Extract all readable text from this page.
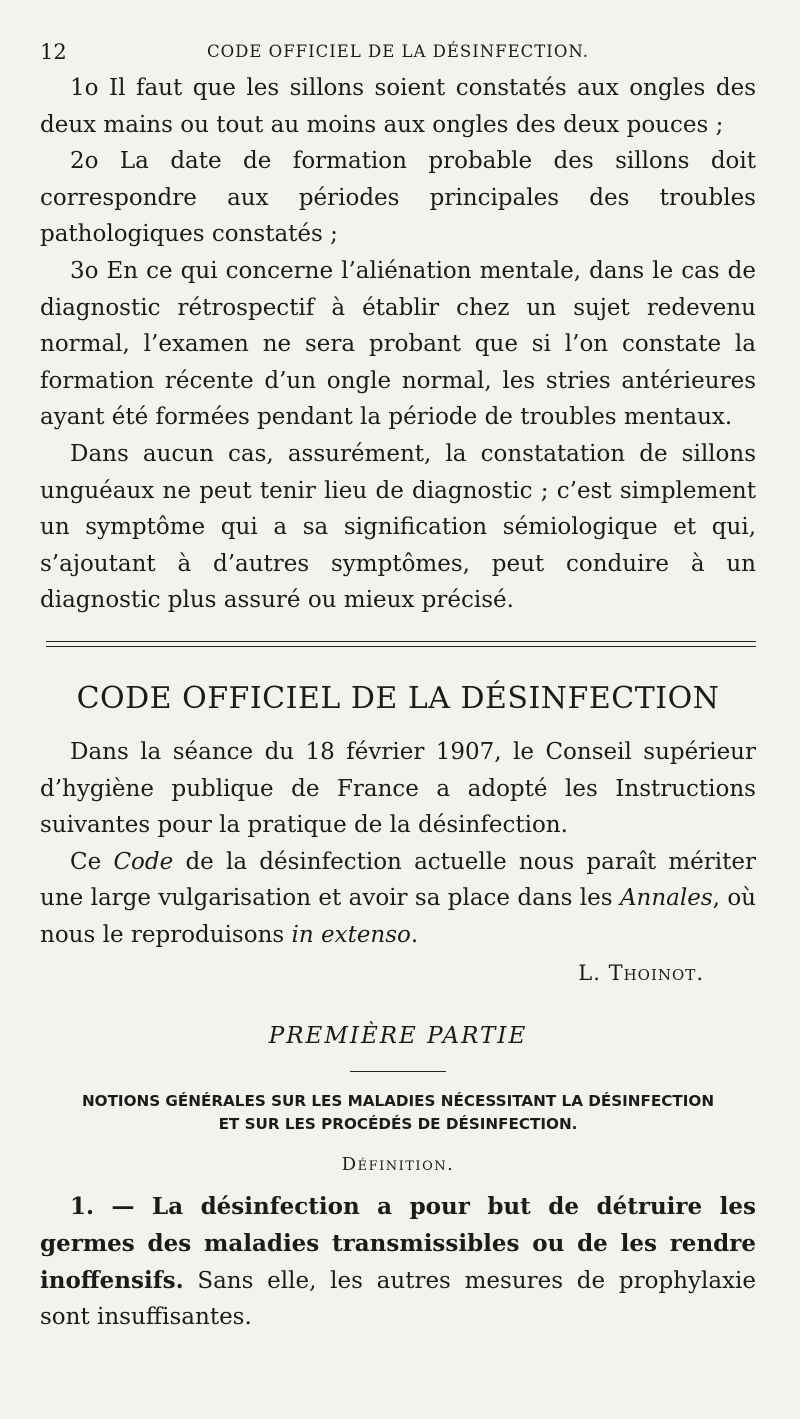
12	CODE OFFICIEL DE LA DÉSINFECTION.

1o Il faut que les sillons soient constatés aux ongles des deux mains ou tout au moins aux ongles des deux pouces ;

2o La date de formation probable des sillons doit correspondre aux périodes principales des troubles pathologiques constatés ;

3o En ce qui concerne l’aliénation mentale, dans le cas de diagnostic rétrospectif à établir chez un sujet redevenu normal, l’examen ne sera probant que si l’on constate la formation récente d’un ongle normal, les stries antérieures ayant été formées pendant la période de troubles mentaux.

Dans aucun cas, assurément, la constatation de sillons unguéaux ne peut tenir lieu de diagnostic ; c’est simplement un symptôme qui a sa signification sémiologique et qui, s’ajoutant à d’autres symptômes, peut conduire à un diagnostic plus assuré ou mieux précisé.

CODE OFFICIEL DE LA DÉSINFECTION

Dans la séance du 18 février 1907, le Conseil supérieur d’hygiène publique de France a adopté les Instructions suivantes pour la pratique de la désinfection.

Ce Code de la désinfection actuelle nous paraît mériter une large vulgarisation et avoir sa place dans les Annales, où nous le reproduisons in extenso.

L. Thoinot.
PREMIÈRE PARTIE
NOTIONS GÉNÉRALES SUR LES MALADIES NÉCESSITANT LA DÉSINFECTION
ET SUR LES PROCÉDÉS DE DÉSINFECTION.
Définition.

1. — La désinfection a pour but de détruire les germes des maladies transmissibles ou de les rendre inoffensifs. Sans elle, les autres mesures de prophylaxie sont insuffisantes.
